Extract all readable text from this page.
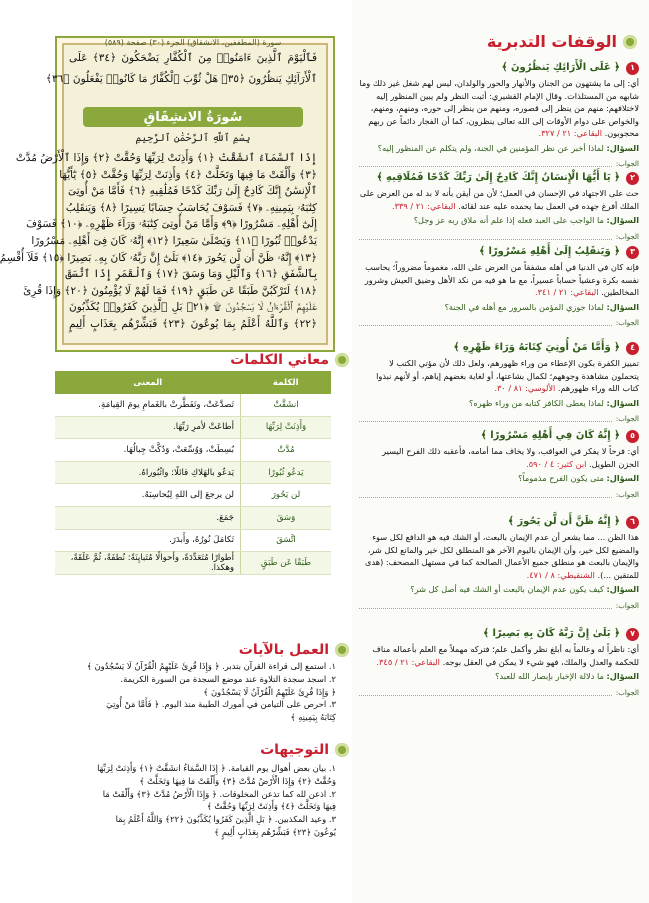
الوقفات التدبرية
١
﴿ عَلَى الْأَرَائِكِ يَنظُرُونَ ﴾

أي: إلى ما يشتهون من الجنان والأنهار والحور والولدان، ليس لهم شغل غير ذلك وما شابهه من المستلذات. وقال الإمام القشيري: أثبت النظر ولم يبين المنظور إليه لاختلافهم: منهم من ينظر إلى قصوره، ومنهم من ينظر إلى حوره، ومنهم، ومنهم، والخواص على دوام الأوقات إلى الله تعالى ينظرون، كما أن الفجار دائماً عن ربهم محجوبون. البقاعي: ٢١ / ٣٢٧.

السؤال: لماذا أخبر عن نظر المؤمنين في الجنة، ولم يتكلم عن المنظور إليه؟
الجواب:
٢
﴿ يَا أَيُّهَا الْإِنسَانُ إِنَّكَ كَادِحٌ إِلَىٰ رَبِّكَ كَدْحًا فَمُلَاقِيهِ ﴾

حث على الاجتهاد في الإحسان في العمل؛ لأن من أيقن بأنه لا بد له من العرض على الملك أفرغ جهده في العمل بما يحمده عليه عند لقائه. البقاعي: ٢١ / ٣٣٩.

السؤال: ما الواجب على العبد فعله إذا علم أنه ملاق ربه عز وجل؟
الجواب:
٣
﴿ وَيَنقَلِبُ إِلَىٰ أَهْلِهِ مَسْرُورًا ﴾

فإنه كان في الدنيا في أهله مشفقاً من العرض على الله، مغموماً مضروراً؛ يحاسب نفسه بكرة وعشياً حساباً عسيراً، مع ما هو فيه من نكد الأهل وضيق العيش وشرور المخالطين. البقاعي: ٢١ / ٣٤١.

السؤال: لماذا جوزي المؤمن بالسرور مع أهله في الجنة؟
الجواب:
٤
﴿ وَأَمَّا مَنْ أُوتِيَ كِتَابَهُ وَرَاءَ ظَهْرِهِ ﴾

تمييز الكفرة بكون الإعطاء من وراء ظهورهم، ولعل ذلك لأن مؤتي الكتب لا يتحملون مشاهدة وجوههم؛ لكمال بشاعتها، أو لغاية بغضهم إياهم، أو لأنهم نبذوا كتاب الله وراء ظهورهم. الألوسي: ٨١ / ٣٠.

السؤال: لماذا يعطى الكافر كتابه من وراء ظهره؟
الجواب:
٥
﴿ إِنَّهُ كَانَ فِي أَهْلِهِ مَسْرُورًا ﴾

أي: فرحاً لا يفكر في العواقب، ولا يخاف مما أمامه، فأعقبه ذلك الفرح اليسير الحزن الطويل. ابن كثير: ٤ / ٥٩٠.

السؤال: متى يكون الفرح مذموماً؟
الجواب:
٦
﴿ إِنَّهُ ظَنَّ أَن لَّن يَحُورَ ﴾

هذا الظن ... مما يشعر أن عدم الإيمان بالبعث، أو الشك فيه هو الدافع لكل سوء والمضيع لكل خير، وأن الإيمان باليوم الآخر هو المنطلق لكل خير والمانع لكل شر، والإيمان بالبعث هو منطلق جميع الأعمال الصالحة كما في مستهل المصحف: (هدى للمتقين ...). الشنقيطي: ٨ / ٤٧١.

السؤال: كيف يكون عدم الإيمان بالبعث أو الشك فيه أصل كل شر؟
الجواب:
٧
﴿ بَلَىٰ إِنَّ رَبَّهُ كَانَ بِهِ بَصِيرًا ﴾

أي: ناظراً له وعالماً به أبلغ نظر وأكمل علم؛ فتركه مهملاً مع العلم بأعماله مناف للحكمة والعدل والملك، فهو شيء لا يمكن في العقل بوجه. البقاعي: ٢١ / ٣٤٥.

السؤال: ما دلالة الإخبار بإبصار الله للعبد؟
الجواب:
سورة (المطففين، الانشقاق) الجزء (٣٠) صفحة (٥٨٩)
سُورَةُ الانشِقَاقِ
بِسْمِ ٱللَّهِ ٱلرَّحْمَٰنِ ٱلرَّحِيمِ
فَٱلْيَوْمَ ٱلَّذِينَ ءَامَنُوا۟ مِنَ ٱلْكُفَّارِ يَضْحَكُونَ ﴿٣٤﴾ عَلَى
ٱلْأَرَآئِكِ يَنظُرُونَ ﴿٣٥﴾ هَلْ ثُوِّبَ ٱلْكُفَّارُ مَا كَانُوا۟ يَفْعَلُونَ ﴿٣٦﴾
إِذَا ٱلسَّمَآءُ ٱنشَقَّتْ ﴿١﴾ وَأَذِنَتْ لِرَبِّهَا وَحُقَّتْ ﴿٢﴾ وَإِذَا ٱلْأَرْضُ مُدَّتْ
﴿٣﴾ وَأَلْقَتْ مَا فِيهَا وَتَخَلَّتْ ﴿٤﴾ وَأَذِنَتْ لِرَبِّهَا وَحُقَّتْ ﴿٥﴾ يَٰٓأَيُّهَا
ٱلْإِنسَٰنُ إِنَّكَ كَادِحٌ إِلَىٰ رَبِّكَ كَدْحًا فَمُلَٰقِيهِ ﴿٦﴾ فَأَمَّا مَنْ أُوتِىَ
كِتَٰبَهُۥ بِيَمِينِهِۦ ﴿٧﴾ فَسَوْفَ يُحَاسَبُ حِسَابًا يَسِيرًا ﴿٨﴾ وَيَنقَلِبُ
إِلَىٰٓ أَهْلِهِۦ مَسْرُورًا ﴿٩﴾ وَأَمَّا مَنْ أُوتِىَ كِتَٰبَهُۥ وَرَآءَ ظَهْرِهِۦ ﴿١٠﴾ فَسَوْفَ
يَدْعُوا۟ ثُبُورًا ﴿١١﴾ وَيَصْلَىٰ سَعِيرًا ﴿١٢﴾ إِنَّهُۥ كَانَ فِىٓ أَهْلِهِۦ مَسْرُورًا
﴿١٣﴾ إِنَّهُۥ ظَنَّ أَن لَّن يَحُورَ ﴿١٤﴾ بَلَىٰٓ إِنَّ رَبَّهُۥ كَانَ بِهِۦ بَصِيرًا ﴿١٥﴾ فَلَآ أُقْسِمُ
بِٱلشَّفَقِ ﴿١٦﴾ وَٱلَّيْلِ وَمَا وَسَقَ ﴿١٧﴾ وَٱلْقَمَرِ إِذَا ٱتَّسَقَ
﴿١٨﴾ لَتَرْكَبُنَّ طَبَقًا عَن طَبَقٍ ﴿١٩﴾ فَمَا لَهُمْ لَا يُؤْمِنُونَ ﴿٢٠﴾ وَإِذَا قُرِئَ
عَلَيْهِمُ ٱلْقُرْءَانُ لَا يَسْجُدُونَ ۩ ﴿٢١﴾ بَلِ ٱلَّذِينَ كَفَرُوا۟ يُكَذِّبُونَ
﴿٢٢﴾ وَٱللَّهُ أَعْلَمُ بِمَا يُوعُونَ ﴿٢٣﴾ فَبَشِّرْهُم بِعَذَابٍ أَلِيمٍ
معاني الكلمات
الكلمة	المعنى
انشَقَّتْ	تَصدَّعَتْ، وتَفَطَّرتْ بالغَمامِ يومَ القِيامَةِ.
وَأَذِنَتْ لِرَبِّهَا	أطاعَتْ لأمرِ رَبِّهَا.
مُدَّتْ	بُسِطَتْ، وَوُسِّعَتْ، وَدُكَّتْ جِبالُهَا.
يَدعُو ثُبُورًا	يَدعُو بالهَلاكِ قائلًا: واثُبُوراهُ.
لن يَحُورَ	لن يرجعَ إلى اللهِ لِيُحاسِبَهُ.
وَسَقَ	جَمَعَ.
اتَّسَقَ	تَكامَلَ نُورُهُ، وأَبدَرَ.
طَبَقًا عَن طَبَقٍ	أطوارًا مُتَعَدِّدَةً، وأحوالًا مُتَبايِنَةً: نُطفَةً، ثُمَّ عَلَقَةً، وهكذا.
العمل بالآيات
١. استمع إلى قراءة القرآن بتدبر. ﴿ وَإِذَا قُرِئَ عَلَيْهِمُ الْقُرْآنُ لَا يَسْجُدُونَ ﴾
٢. اسجد سجدة التلاوة عند موضع السجدة من السورة الكريمة.
﴿ وَإِذَا قُرِئَ عَلَيْهِمُ الْقُرْآنُ لَا يَسْجُدُونَ ﴾
٣. احرص على التيامن في أمورك الطيبة منذ اليوم. ﴿ فَأَمَّا مَنْ أُوتِيَ
كِتَابَهُ بِيَمِينِهِ ﴾
التوجيهات
١. بيان بعض أهوال يوم القيامة. ﴿ إِذَا السَّمَاءُ انشَقَّتْ ﴿١﴾ وَأَذِنَتْ لِرَبِّهَا
وَحُقَّتْ ﴿٢﴾ وَإِذَا الْأَرْضُ مُدَّتْ ﴿٣﴾ وَأَلْقَتْ مَا فِيهَا وَتَخَلَّتْ ﴾
٢. اذعن لله كما تذعن المخلوقات. ﴿ وَإِذَا الْأَرْضُ مُدَّتْ ﴿٣﴾ وَأَلْقَتْ مَا
فِيهَا وَتَخَلَّتْ ﴿٤﴾ وَأَذِنَتْ لِرَبِّهَا وَحُقَّتْ ﴾
٣. وعيد المكذبين. ﴿ بَلِ الَّذِينَ كَفَرُوا يُكَذِّبُونَ ﴿٢٢﴾ وَاللَّهُ أَعْلَمُ بِمَا
يُوعُونَ ﴿٢٣﴾ فَبَشِّرْهُم بِعَذَابٍ أَلِيمٍ ﴾
